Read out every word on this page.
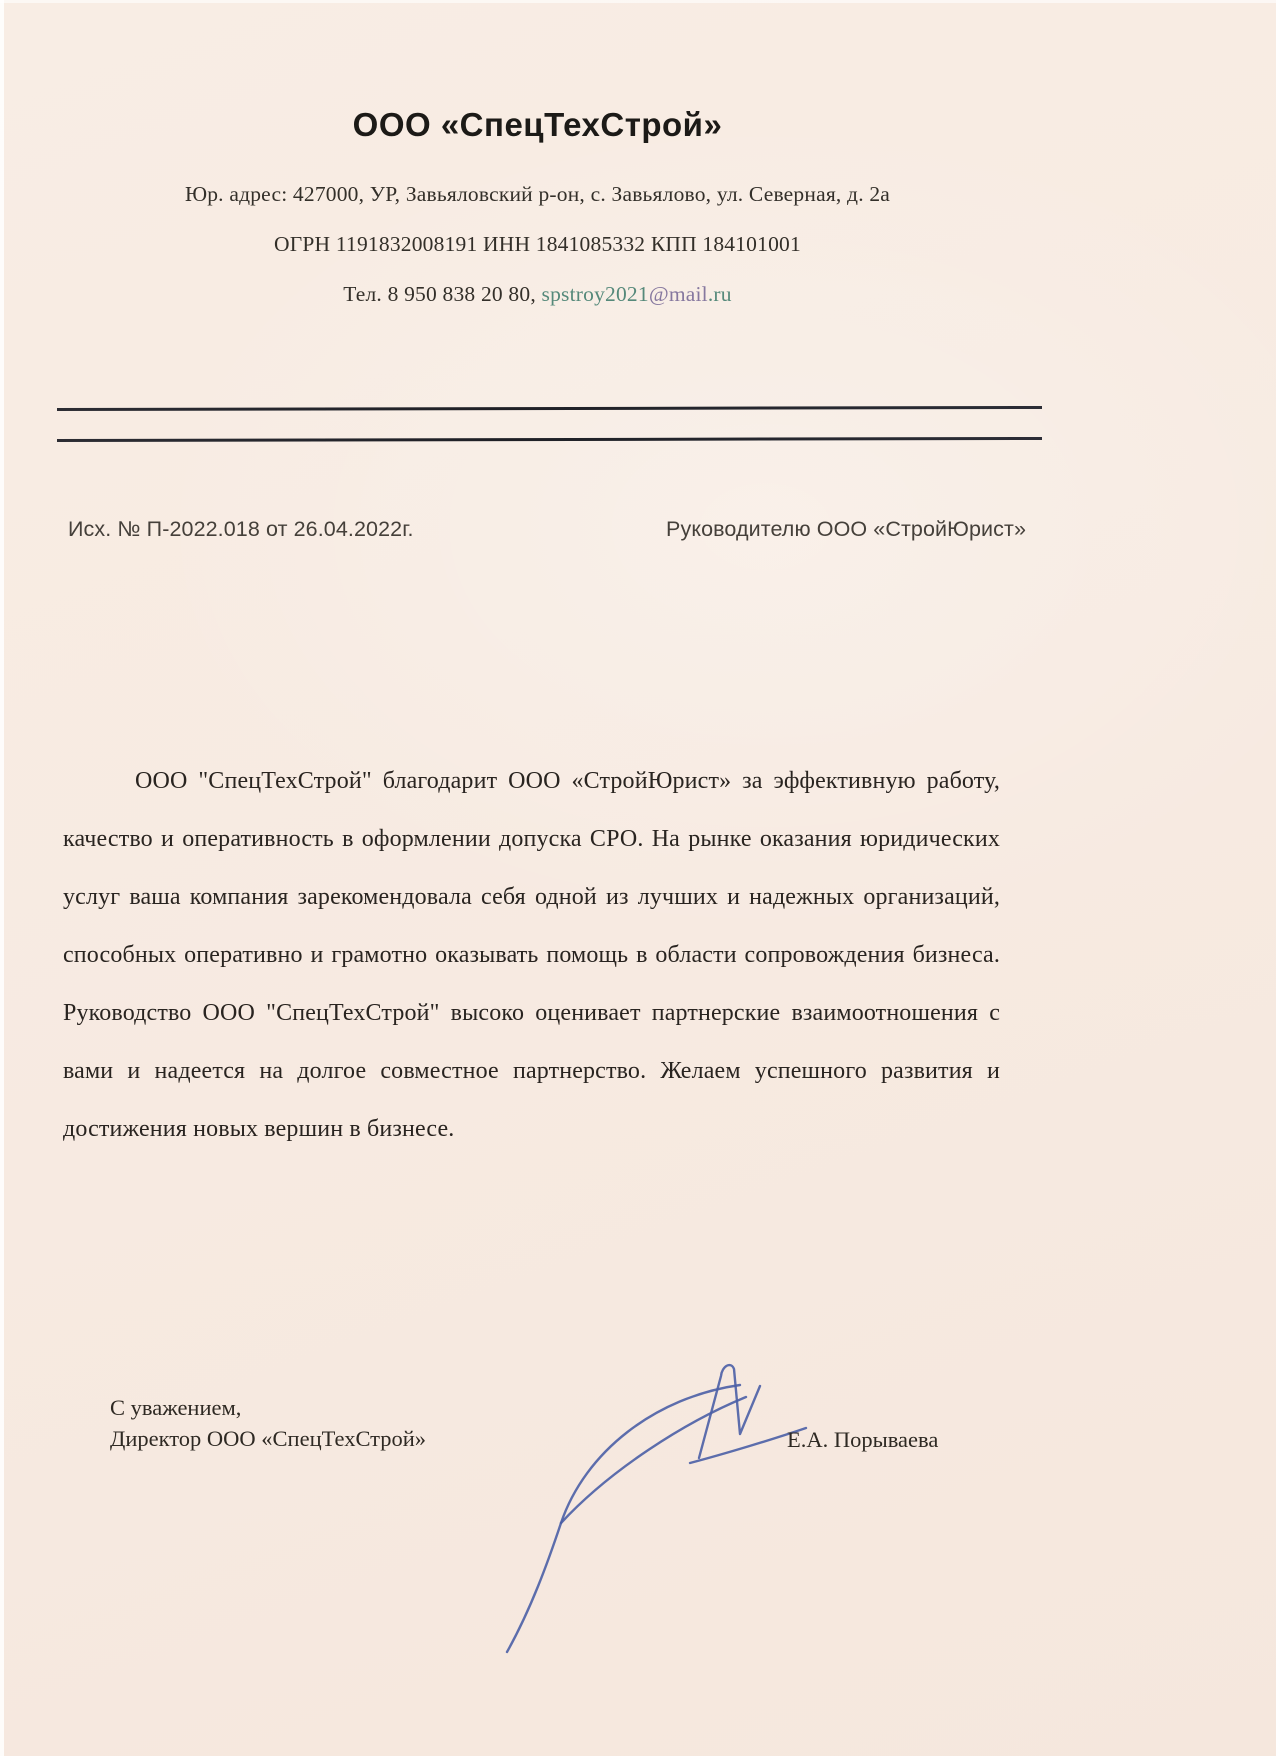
ООО «СпецТехСтрой»

Юр. адрес: 427000, УР, Завьяловский р-он, с. Завьялово, ул. Северная, д. 2а

ОГРН 1191832008191 ИНН 1841085332 КПП 184101001

Тел. 8 950 838 20 80, spstroy2021@mail.ru

Исх. № П-2022.018 от 26.04.2022г.	Руководителю ООО «СтройЮрист»

ООО "СпецТехСтрой" благодарит ООО «СтройЮрист» за эффективную работу, качество и оперативность в оформлении допуска СРО. На рынке оказания юридических услуг ваша компания зарекомендовала себя одной из лучших и надежных организаций, способных оперативно и грамотно оказывать помощь в области сопровождения бизнеса. Руководство ООО "СпецТехСтрой" высоко оценивает партнерские взаимоотношения с вами и надеется на долгое совместное партнерство. Желаем успешного развития и достижения новых вершин в бизнесе.

С уважением,
Директор ООО «СпецТехСтрой»	Е.А. Порываева
